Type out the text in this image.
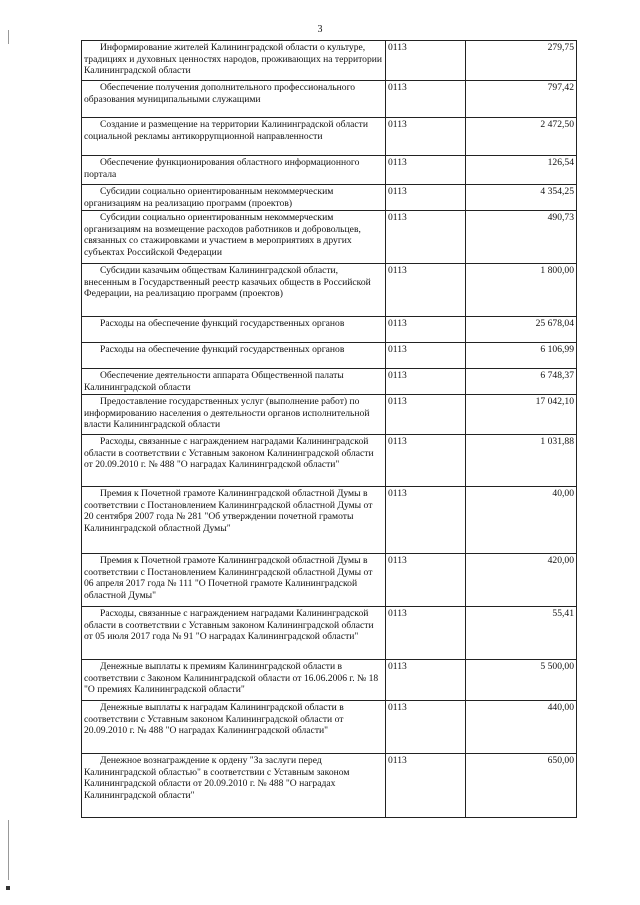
3
Информирование жителей Калининградской области о культуре, традициях и духовных ценностях народов, проживающих на территории Калининградской области	0113	279,75
Обеспечение получения дополнительного профессионального образования муниципальными служащими	0113	797,42
Создание и размещение на территории Калининградской области социальной рекламы антикоррупционной направленности	0113	2 472,50
Обеспечение функционирования областного информационного портала	0113	126,54
Субсидии социально ориентированным некоммерческим организациям на реализацию программ (проектов)	0113	4 354,25
Субсидии социально ориентированным некоммерческим организациям на возмещение расходов работников и добровольцев, связанных со стажировками и участием в мероприятиях в других субъектах Российской Федерации	0113	490,73
Субсидии казачьим обществам Калининградской области, внесенным в Государственный реестр казачьих обществ в Российской Федерации, на реализацию программ (проектов)	0113	1 800,00
Расходы на обеспечение функций государственных органов	0113	25 678,04
Расходы на обеспечение функций государственных органов	0113	6 106,99
Обеспечение деятельности аппарата Общественной палаты Калининградской области	0113	6 748,37
Предоставление государственных услуг (выполнение работ) по информированию населения о деятельности органов исполнительной власти Калининградской области	0113	17 042,10
Расходы, связанные с награждением наградами Калининградской области в соответствии с Уставным законом Калининградской области от 20.09.2010 г. № 488 "О наградах Калининградской области"	0113	1 031,88
Премия к Почетной грамоте Калининградской областной Думы в соответствии с Постановлением Калининградской областной Думы от 20 сентября 2007 года № 281 "Об утверждении почетной грамоты Калининградской областной Думы"	0113	40,00
Премия к Почетной грамоте Калининградской областной Думы в соответствии с Постановлением Калининградской областной Думы от 06 апреля 2017 года № 111 "О Почетной грамоте Калининградской областной Думы"	0113	420,00
Расходы, связанные с награждением наградами Калининградской области в соответствии с Уставным законом Калининградской области от 05 июля 2017 года № 91 "О наградах Калининградской области"	0113	55,41
Денежные выплаты к премиям Калининградской области в соответствии с Законом Калининградской области от 16.06.2006 г. № 18 "О премиях Калининградской области"	0113	5 500,00
Денежные выплаты к наградам Калининградской области в соответствии с Уставным законом Калининградской области от 20.09.2010 г. № 488 "О наградах Калининградской области"	0113	440,00
Денежное вознаграждение к ордену "За заслуги перед Калининградской областью" в соответствии с Уставным законом Калининградской области от 20.09.2010 г. № 488 "О наградах Калининградской области"	0113	650,00
